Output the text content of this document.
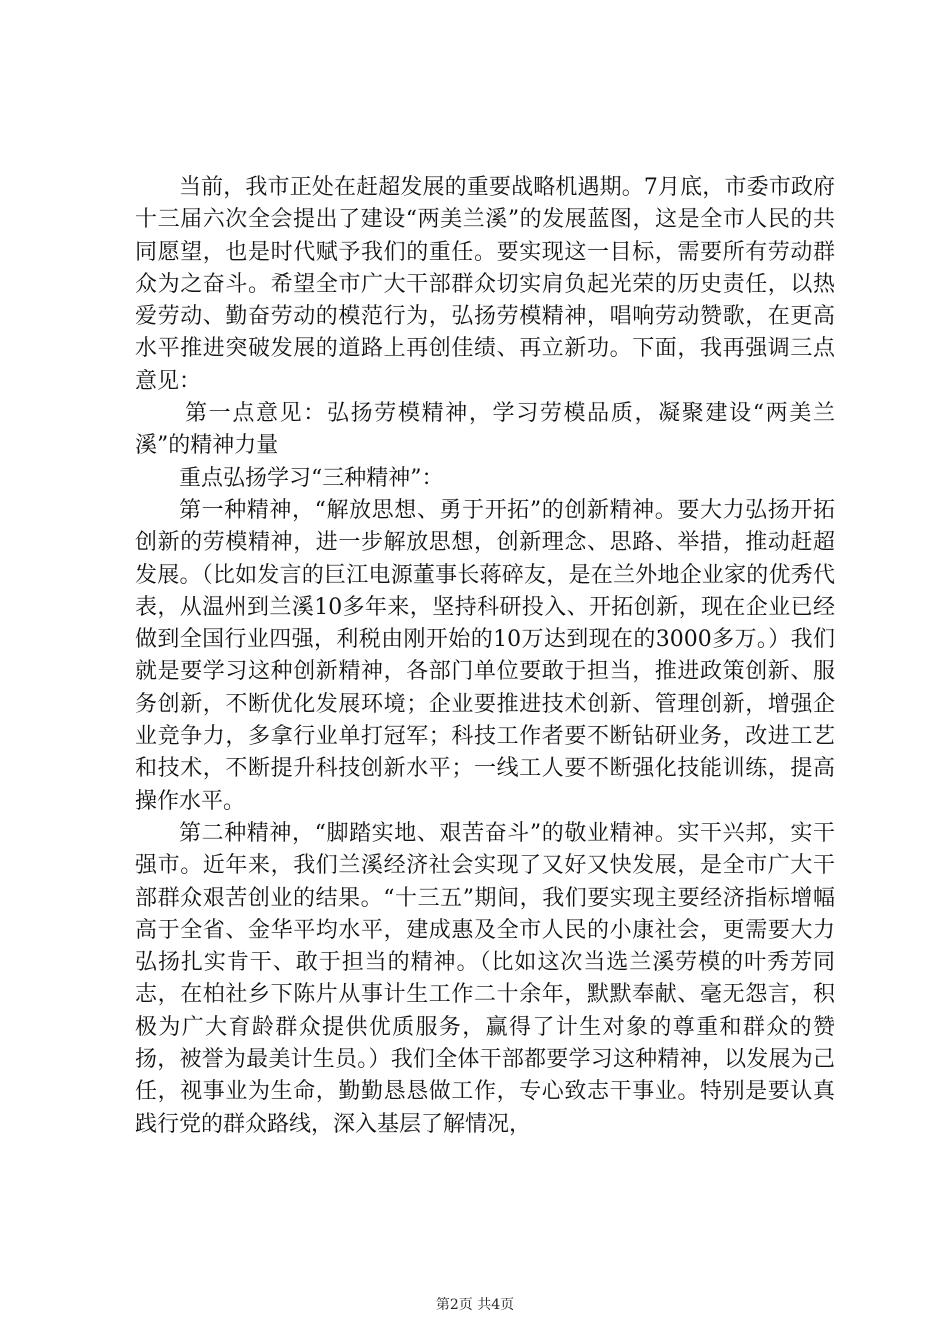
当前，我市正处在赶超发展的重要战略机遇期。7月底，市委市政府十三届六次全会提出了建设“两美兰溪”的发展蓝图，这是全市人民的共同愿望，也是时代赋予我们的重任。要实现这一目标，需要所有劳动群众为之奋斗。希望全市广大干部群众切实肩负起光荣的历史责任，以热爱劳动、勤奋劳动的模范行为，弘扬劳模精神，唱响劳动赞歌，在更高水平推进突破发展的道路上再创佳绩、再立新功。下面，我再强调三点意见：

第一点意见：弘扬劳模精神，学习劳模品质，凝聚建设“两美兰溪”的精神力量

重点弘扬学习“三种精神”：

第一种精神，“解放思想、勇于开拓”的创新精神。要大力弘扬开拓创新的劳模精神，进一步解放思想，创新理念、思路、举措，推动赶超发展。（比如发言的巨江电源董事长蒋碎友，是在兰外地企业家的优秀代表，从温州到兰溪10多年来，坚持科研投入、开拓创新，现在企业已经做到全国行业四强，利税由刚开始的10万达到现在的3000多万。）我们就是要学习这种创新精神，各部门单位要敢于担当，推进政策创新、服务创新，不断优化发展环境；企业要推进技术创新、管理创新，增强企业竞争力，多拿行业单打冠军；科技工作者要不断钻研业务，改进工艺和技术，不断提升科技创新水平；一线工人要不断强化技能训练，提高操作水平。

第二种精神，“脚踏实地、艰苦奋斗”的敬业精神。实干兴邦，实干强市。近年来，我们兰溪经济社会实现了又好又快发展，是全市广大干部群众艰苦创业的结果。“十三五”期间，我们要实现主要经济指标增幅高于全省、金华平均水平，建成惠及全市人民的小康社会，更需要大力弘扬扎实肯干、敢于担当的精神。（比如这次当选兰溪劳模的叶秀芳同志，在柏社乡下陈片从事计生工作二十余年，默默奉献、毫无怨言，积极为广大育龄群众提供优质服务，赢得了计生对象的尊重和群众的赞扬，被誉为最美计生员。）我们全体干部都要学习这种精神，以发展为己任，视事业为生命，勤勤恳恳做工作，专心致志干事业。特别是要认真践行党的群众路线，深入基层了解情况，

第2页 共4页
